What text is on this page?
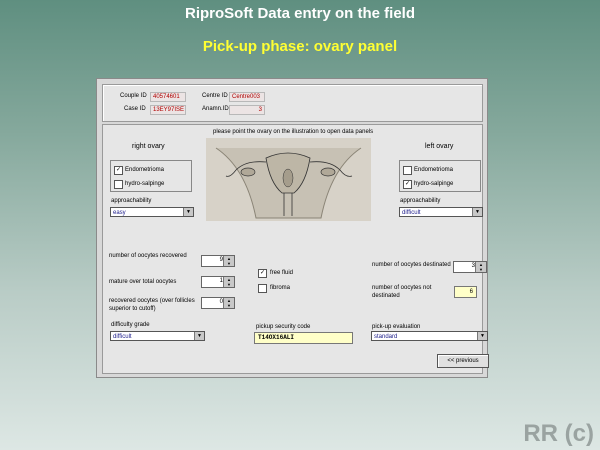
RiproSoft Data entry on the field
Pick-up phase: ovary panel
Couple ID	40574601	Centre ID Centre003
Case ID	13EY97ISE	Anamn.ID	3
please point the ovary on the illustration to open data panels
right ovary
✓ Endometrioma
hydro-salpinge
approachability
easy	▼
left ovary
Endometrioma
✓ hydro-salpinge
approachability
difficult	▼
number of oocytes recovered
9	▲
▼
mature over total oocytes	1	▲
▼
recovered oocytes (over follicles superior to cutoff)
0	▲
▼
✓ free fluid
fibroma
number of oocytes destinated	3	▲
▼
number of oocytes not destinated
6
difficulty grade
difficult	▼
pickup security code
T14OX16ALI
pick-up evaluation
standard	▼
<< previous
RR (c)
